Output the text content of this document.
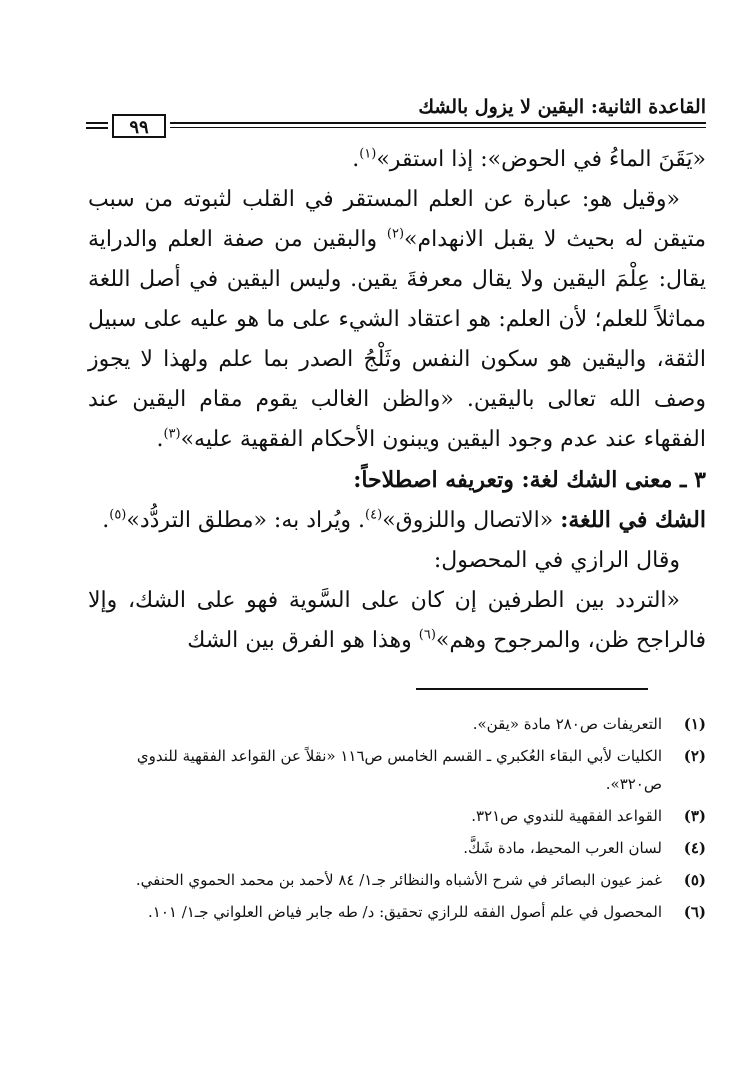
٩٩
القاعدة الثانية: اليقين لا يزول بالشك

«يَقَنَ الماءُ في الحوض»: إذا استقر»$^{(١)}$.

«وقيل هو: عبارة عن العلم المستقر في القلب لثبوته من سبب متيقن له بحيث لا يقبل الانهدام»$^{(٢)}$ والبقين من صفة العلم والدراية يقال: عِلْمَ اليقين ولا يقال معرفةَ يقين. وليس اليقين في أصل اللغة مماثلاً للعلم؛ لأن العلم: هو اعتقاد الشيء على ما هو عليه على سبيل الثقة، واليقين هو سكون النفس وثَلْجُ الصدر بما علم ولهذا لا يجوز وصف الله تعالى باليقين. «والظن الغالب يقوم مقام اليقين عند الفقهاء عند عدم وجود اليقين ويبنون الأحكام الفقهية عليه»$^{(٣)}$.

٣ ـ معنى الشك لغة: وتعريفه اصطلاحاً:

الشك في اللغة: «الاتصال واللزوق»$^{(٤)}$. ويُراد به: «مطلق التردُّد»$^{(٥)}$.

وقال الرازي في المحصول:

«التردد بين الطرفين إن كان على السَّوية فهو على الشك، وإلا فالراجح ظن، والمرجوح وهم»$^{(٦)}$ وهذا هو الفرق بين الشك

(١)
التعريفات ص٢٨٠ مادة «يقن».
(٢)
الكليات لأبي البقاء العُكبري ـ القسم الخامس ص١١٦ «نقلاً عن القواعد الفقهية للندوي ص٣٢٠».
(٣)
القواعد الفقهية للندوي ص٣٢١.
(٤)
لسان العرب المحيط، مادة شَكَّ.
(٥)
غمز عيون البصائر في شرح الأشباه والنظائر جـ١/ ٨٤ لأحمد بن محمد الحموي الحنفي.
(٦)
المحصول في علم أصول الفقه للرازي تحقيق: د/ طه جابر فياض العلواني جـ١/ ١٠١.
